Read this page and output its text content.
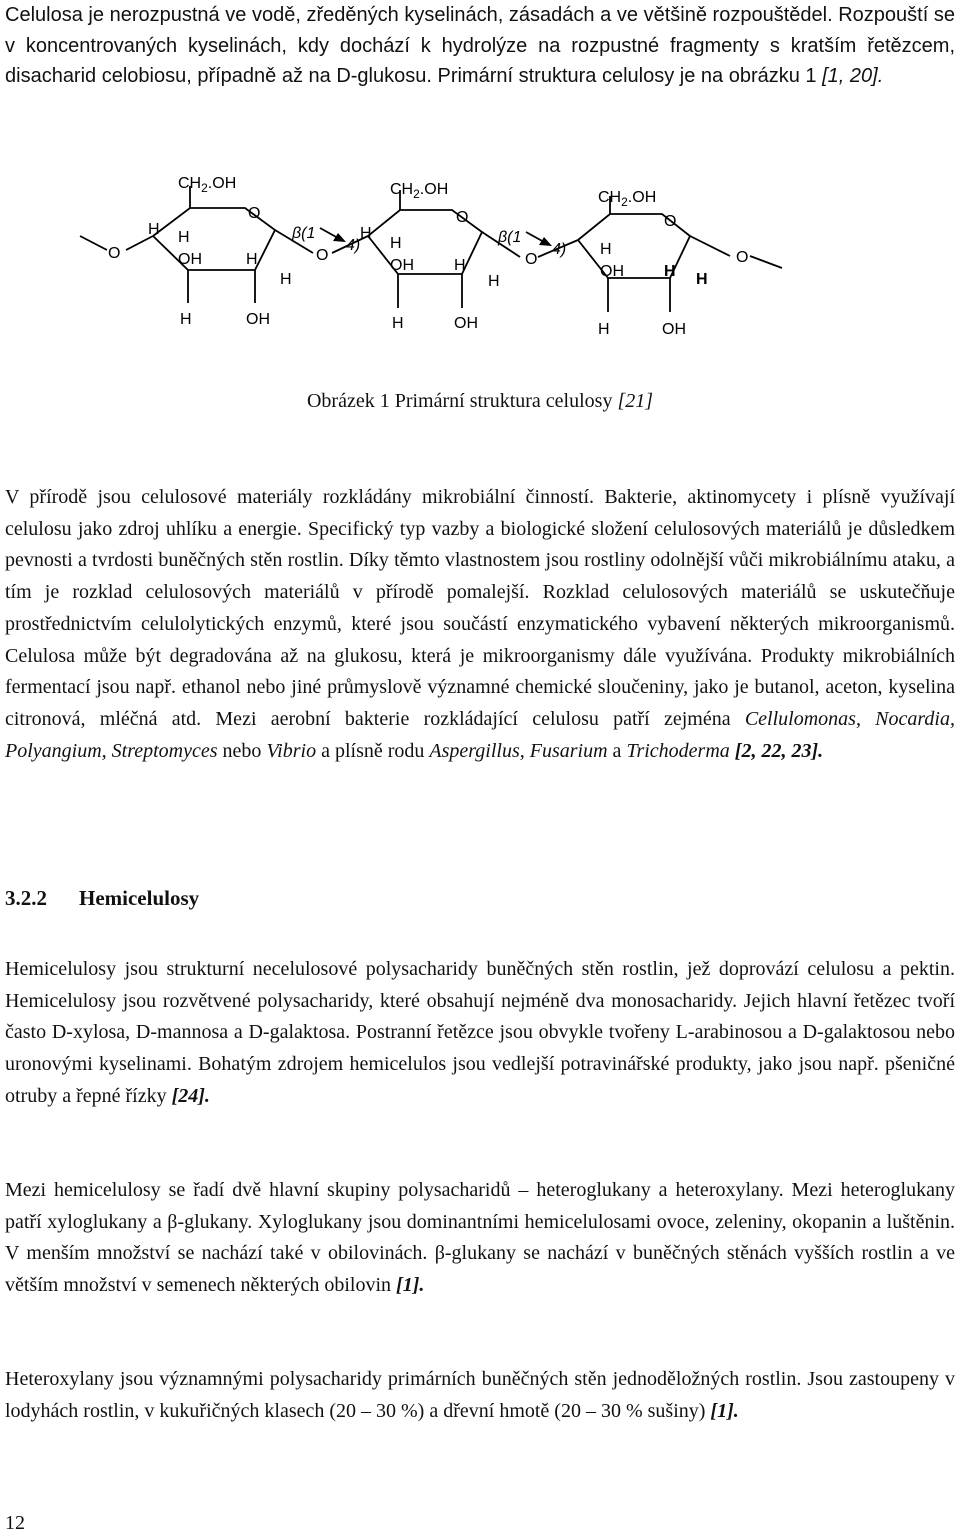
Celulosa je nerozpustná ve vodě, zředěných kyselinách, zásadách a ve většině rozpouštědel. Rozpouští se v koncentrovaných kyselinách, kdy dochází k hydrolýze na rozpustné fragmenty s kratším řetězcem, disacharid celobiosu, případně až na D-glukosu. Primární struktura celulosy je na obrázku 1 [1, 20].

O
$CH_2.OH$
O
H H
OH	H
H
H	OH
β(1
4)
O
H
$CH_2.OH$
O
H
OH	H
H
H	OH
β(1
4)
O
$CH_2.OH$
O
H
OH	H H
H	OH
O
Obrázek 1 Primární struktura celulosy [21]

V přírodě jsou celulosové materiály rozkládány mikrobiální činností. Bakterie, aktinomycety i plísně využívají celulosu jako zdroj uhlíku a energie. Specifický typ vazby a biologické složení celulosových materiálů je důsledkem pevnosti a tvrdosti buněčných stěn rostlin. Díky těmto vlastnostem jsou rostliny odolnější vůči mikrobiálnímu ataku, a tím je rozklad celulosových materiálů v přírodě pomalejší. Rozklad celulosových materiálů se uskutečňuje prostřednictvím celulolytických enzymů, které jsou součástí enzymatického vybavení některých mikroorganismů. Celulosa může být degradována až na glukosu, která je mikroorganismy dále využívána. Produkty mikrobiálních fermentací jsou např. ethanol nebo jiné průmyslově významné chemické sloučeniny, jako je butanol, aceton, kyselina citronová, mléčná atd. Mezi aerobní bakterie rozkládající celulosu patří zejména Cellulomonas, Nocardia, Polyangium, Streptomyces nebo Vibrio a plísně rodu Aspergillus, Fusarium a Trichoderma [2, 22, 23].

3.2.2 Hemicelulosy

Hemicelulosy jsou strukturní necelulosové polysacharidy buněčných stěn rostlin, jež doprovází celulosu a pektin. Hemicelulosy jsou rozvětvené polysacharidy, které obsahují nejméně dva monosacharidy. Jejich hlavní řetězec tvoří často D-xylosa, D-mannosa a D-galaktosa. Postranní řetězce jsou obvykle tvořeny L-arabinosou a D-galaktosou nebo uronovými kyselinami. Bohatým zdrojem hemicelulos jsou vedlejší potravinářské produkty, jako jsou např. pšeničné otruby a řepné řízky [24].

Mezi hemicelulosy se řadí dvě hlavní skupiny polysacharidů – heteroglukany a heteroxylany. Mezi heteroglukany patří xyloglukany a β-glukany. Xyloglukany jsou dominantními hemicelulosami ovoce, zeleniny, okopanin a luštěnin. V menším množství se nachází také v obilovinách. β-glukany se nachází v buněčných stěnách vyšších rostlin a ve větším množství v semenech některých obilovin [1].

Heteroxylany jsou významnými polysacharidy primárních buněčných stěn jednoděložných rostlin. Jsou zastoupeny v lodyhách rostlin, v kukuřičných klasech (20 – 30 %) a dřevní hmotě (20 – 30 % sušiny) [1].

12
